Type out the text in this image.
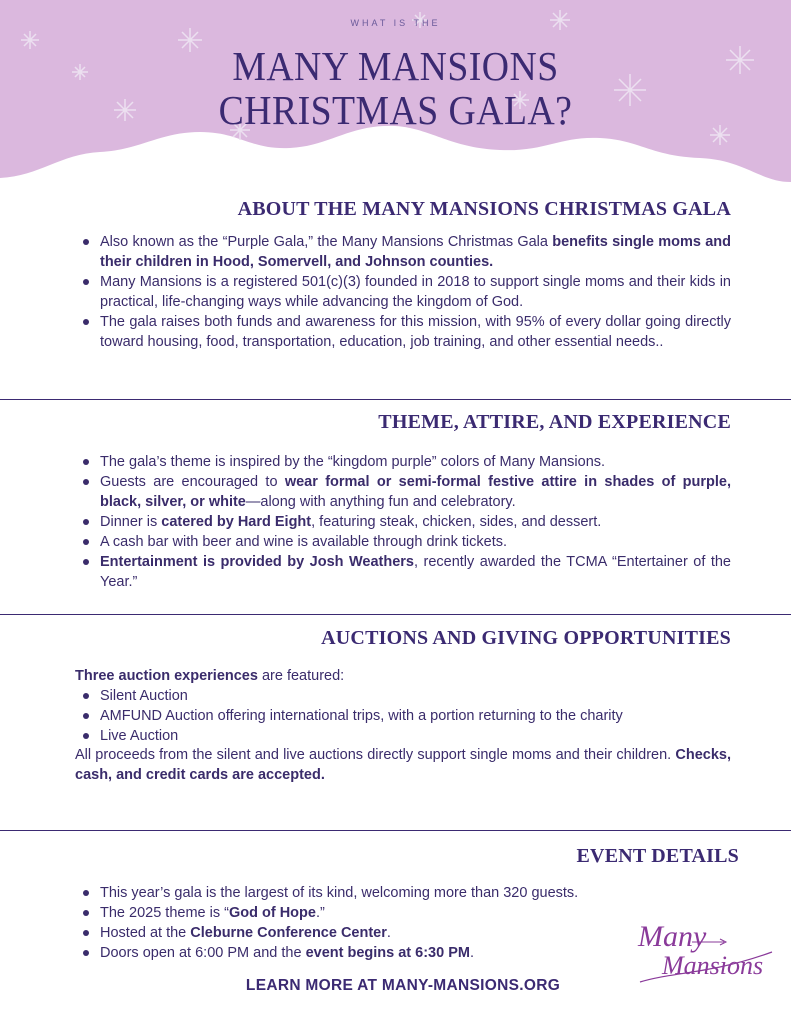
WHAT IS THE
MANY MANSIONS
CHRISTMAS GALA?
ABOUT THE MANY MANSIONS CHRISTMAS GALA
Also known as the “Purple Gala,” the Many Mansions Christmas Gala benefits single moms and their children in Hood, Somervell, and Johnson counties.
Many Mansions is a registered 501(c)(3) founded in 2018 to support single moms and their kids in practical, life-changing ways while advancing the kingdom of God.
The gala raises both funds and awareness for this mission, with 95% of every dollar going directly toward housing, food, transportation, education, job training, and other essential needs..
THEME, ATTIRE, AND EXPERIENCE
The gala’s theme is inspired by the “kingdom purple” colors of Many Mansions.
Guests are encouraged to wear formal or semi-formal festive attire in shades of purple, black, silver, or white—along with anything fun and celebratory.
Dinner is catered by Hard Eight, featuring steak, chicken, sides, and dessert.
A cash bar with beer and wine is available through drink tickets.
Entertainment is provided by Josh Weathers, recently awarded the TCMA “Entertainer of the Year.”
AUCTIONS AND GIVING OPPORTUNITIES
Three auction experiences are featured:
Silent Auction
AMFUND Auction offering international trips, with a portion returning to the charity
Live Auction
All proceeds from the silent and live auctions directly support single moms and their children. Checks, cash, and credit cards are accepted.
EVENT DETAILS
This year’s gala is the largest of its kind, welcoming more than 320 guests.
The 2025 theme is “God of Hope.”
Hosted at the Cleburne Conference Center.
Doors open at 6:00 PM and the event begins at 6:30 PM.	Many
Mansions
LEARN MORE AT MANY-MANSIONS.ORG
